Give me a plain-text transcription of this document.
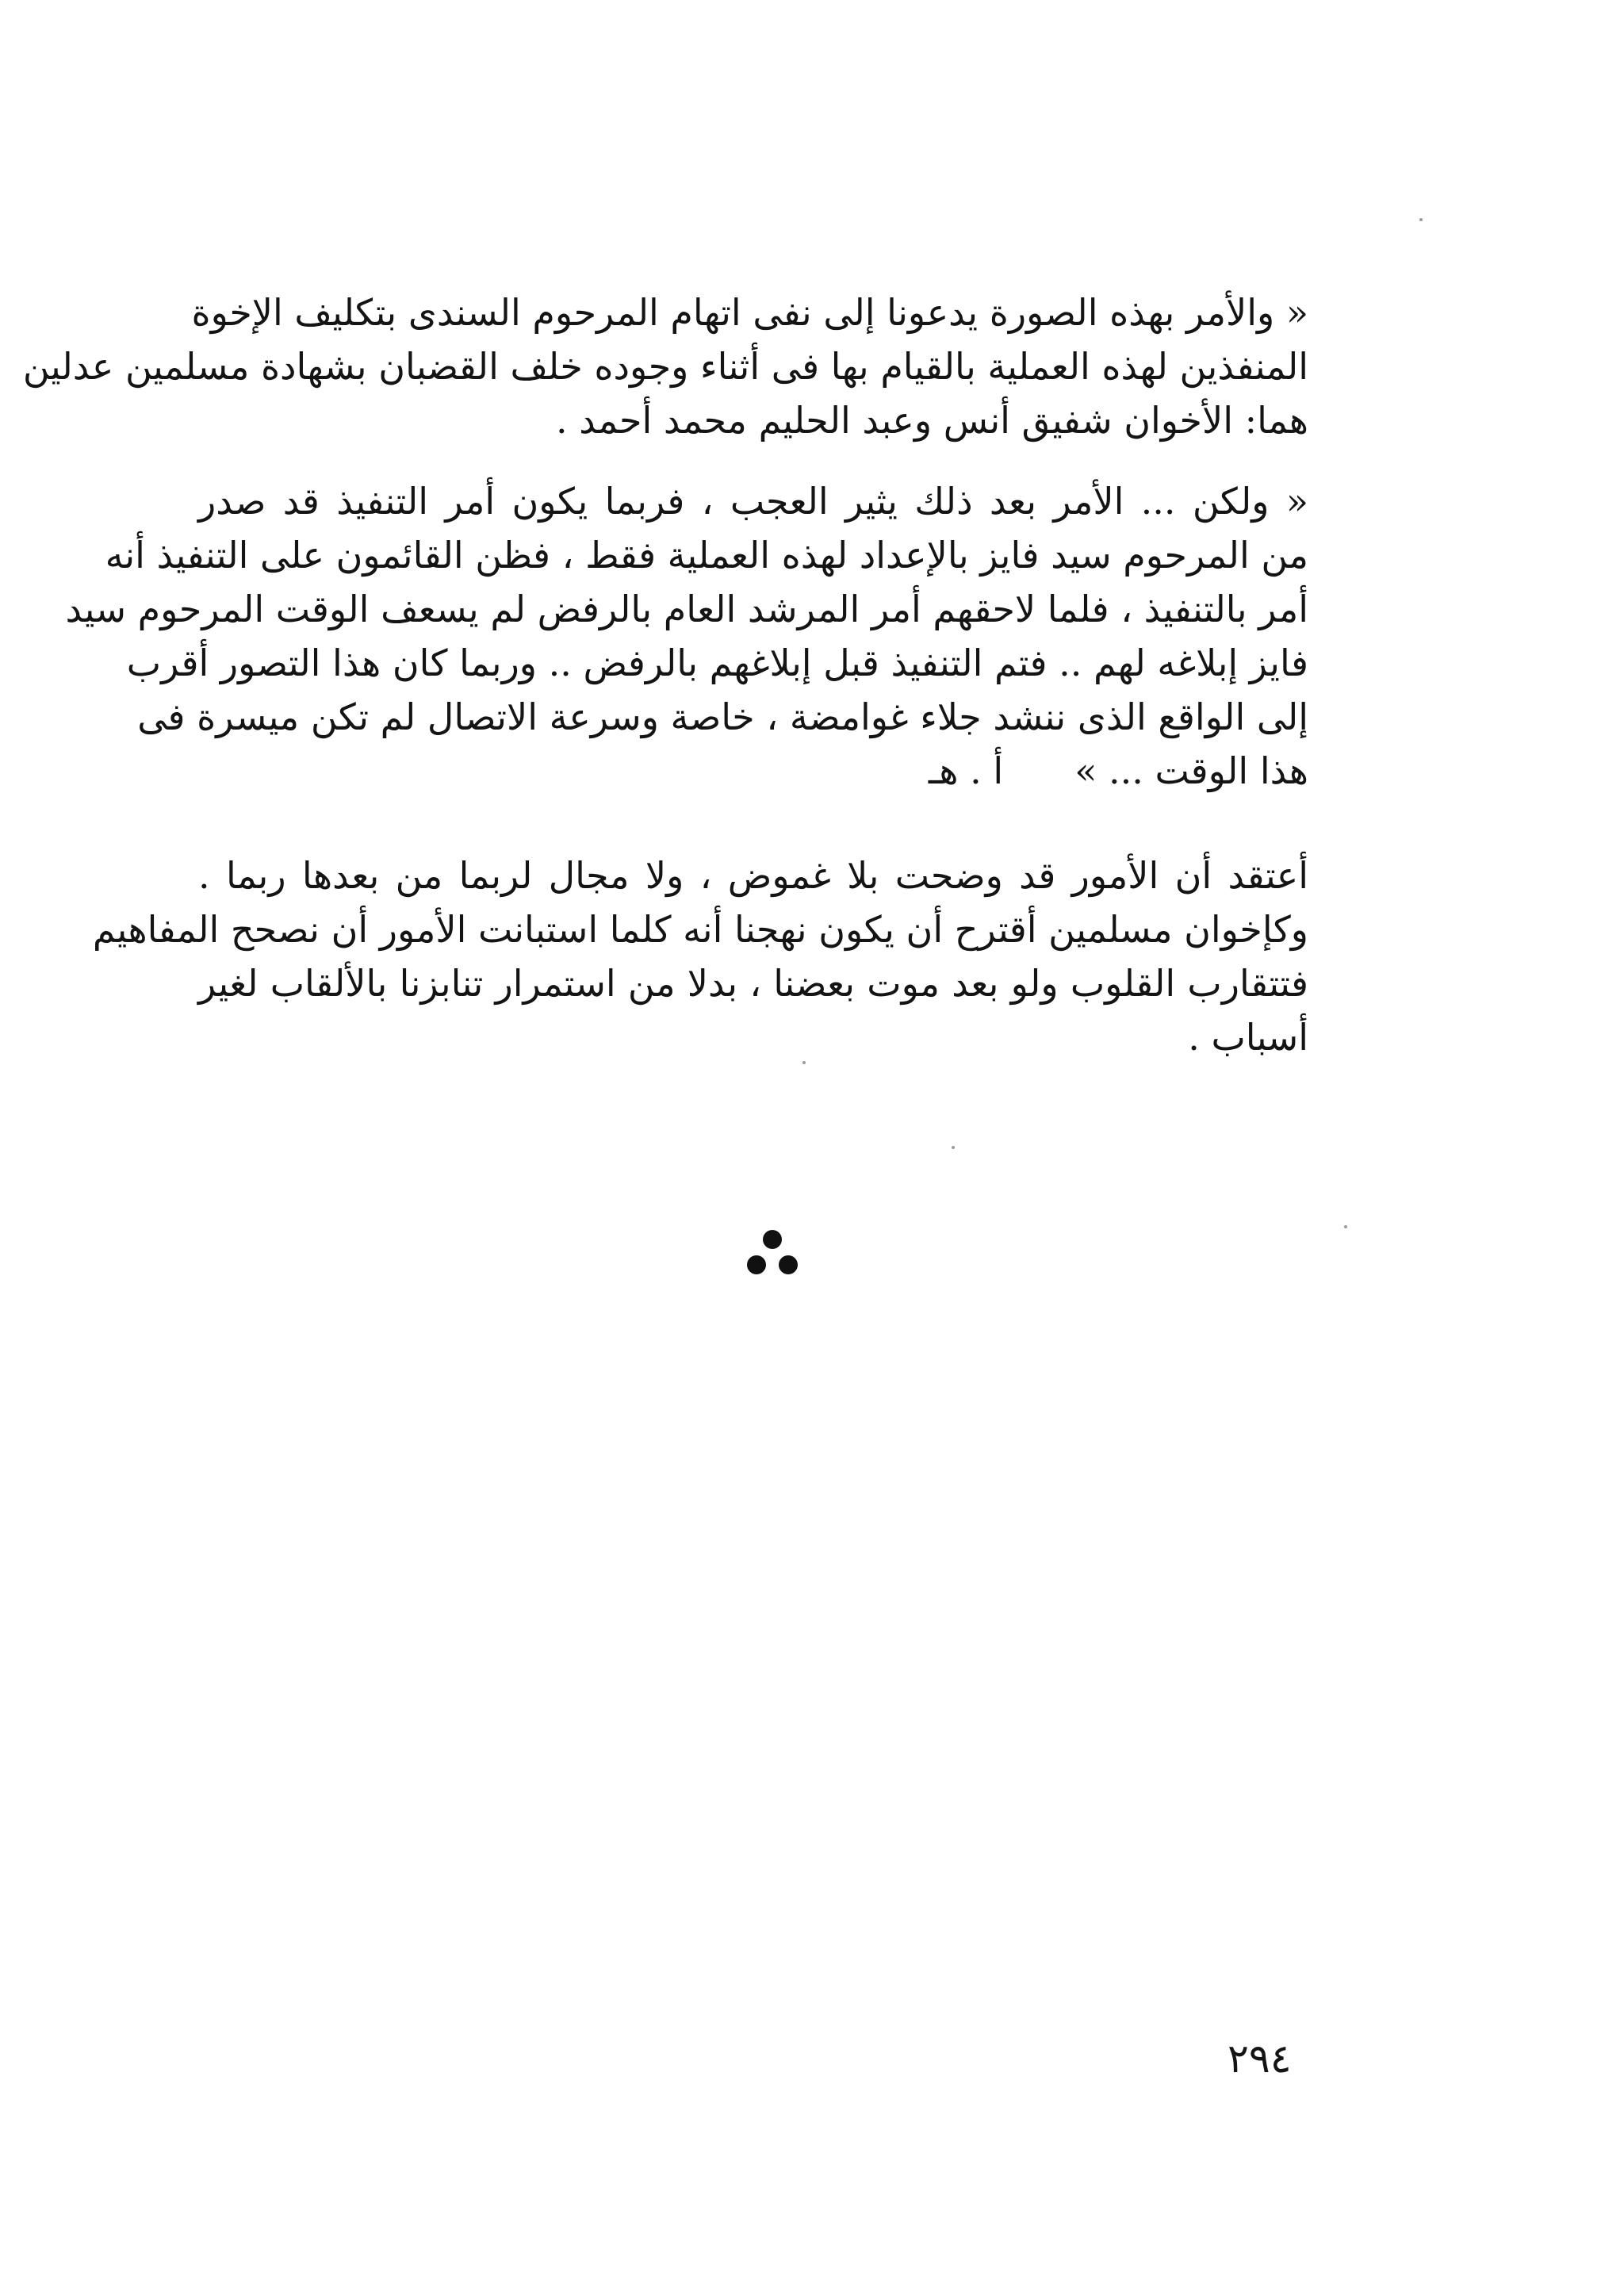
« والأمر بهذه الصورة يدعونا إلى نفى اتهام المرحوم السندى بتكليف الإخوة
المنفذين لهذه العملية بالقيام بها فى أثناء وجوده خلف القضبان بشهادة مسلمين عدلين
هما: الأخوان شفيق أنس وعبد الحليم محمد أحمد .
« ولكن ... الأمر بعد ذلك يثير العجب ، فربما يكون أمر التنفيذ قد صدر
من المرحوم سيد فايز بالإعداد لهذه العملية فقط ، فظن القائمون على التنفيذ أنه
أمر بالتنفيذ ، فلما لاحقهم أمر المرشد العام بالرفض لم يسعف الوقت المرحوم سيد
فايز إبلاغه لهم .. فتم التنفيذ قبل إبلاغهم بالرفض .. وربما كان هذا التصور أقرب
إلى الواقع الذى ننشد جلاء غوامضة ، خاصة وسرعة الاتصال لم تكن ميسرة فى
هذا الوقت ... »
أ . هـ
أعتقد أن الأمور قد وضحت بلا غموض ، ولا مجال لربما من بعدها ربما .
وكإخوان مسلمين أقترح أن يكون نهجنا أنه كلما استبانت الأمور أن نصحح المفاهيم
فتتقارب القلوب ولو بعد موت بعضنا ، بدلا من استمرار تنابزنا بالألقاب لغير
أسباب .
٢٩٤
